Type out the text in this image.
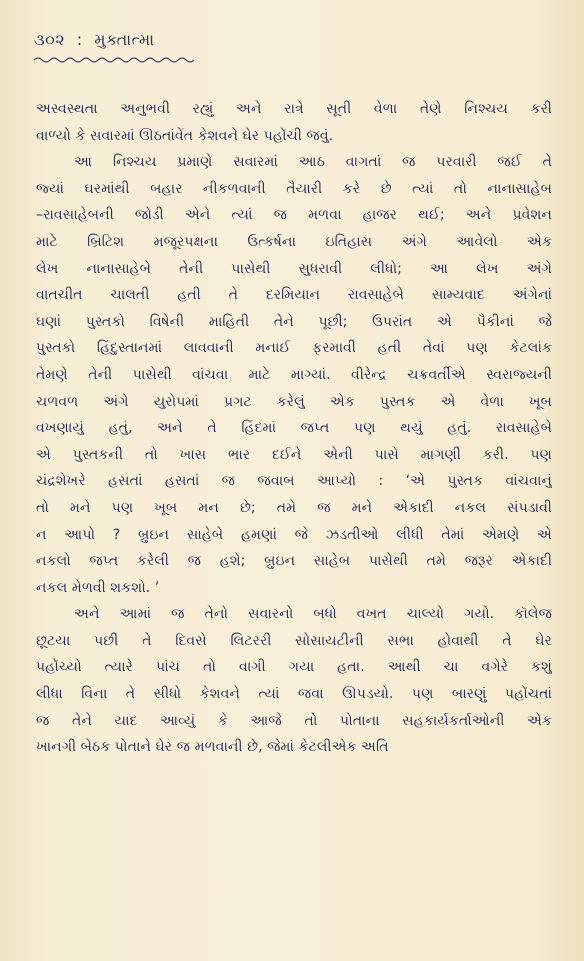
૩૦૨ : મુક્તાત્મા
અસ્વસ્થતા અનુભવી રહ્યું અને રાત્રે સૂતી વેળા તેણે નિશ્ચય કરી
વાળ્યો કે સવારમાં ઊઠતાંવેંત કેશવને ઘેર પહોંચી જવું.
આ નિશ્ચય પ્રમાણે સવારમાં આઠ વાગતાં જ પરવારી જઈ તે
જ્યાં ઘરમાંથી બહાર નીકળવાની તૈયારી કરે છે ત્યાં તો નાનાસાહેબ
–રાવસાહેબની જોડી એને ત્યાં જ મળવા હાજર થઈ; અને પ્રવેશન
માટે બ્રિટિશ મજૂરપક્ષના ઉત્કર્ષના ઇતિહાસ અંગે આવેલો એક
લેખ નાનાસાહેબે તેની પાસેથી સુધરાવી લીધો; આ લેખ અંગે
વાતચીત ચાલતી હતી તે દરમિયાન રાવસાહેબે સામ્યવાદ અંગેનાં
ઘણાં પુસ્તકો વિષેની માહિતી તેને પૂછી; ઉપરાંત એ પૈકીનાં જે
પુસ્તકો હિંદુસ્તાનમાં લાવવાની મનાઈ ફરમાવી હતી તેવાં પણ કેટલાંક
તેમણે તેની પાસેથી વાંચવા માટે માગ્યાં. વીરેન્દ્ર ચક્રવર્તીએ સ્વરાજ્યની
ચળવળ અંગે યુરોપમાં પ્રગટ કરેલું એક પુસ્તક એ વેળા ખૂબ
વખણાયું હતું, અને તે હિંદમાં જપ્ત પણ થયું હતું. રાવસાહેબે
એ પુસ્તકની તો ખાસ ભાર દઈને એની પાસે માગણી કરી. પણ
ચંદ્રશેખરે હસતાં હસતાં જ જવાબ આપ્યો : ‘એ પુસ્તક વાંચવાનું
તો મને પણ ખૂબ મન છે; તમે જ મને એકાદી નકલ સંપડાવી
ન આપો ? બ્રુઇન સાહેબે હમણાં જે ઝડતીઓ લીધી તેમાં એમણે એ
નકલો જપ્ત કરેલી જ હશે; બ્રુઇન સાહેબ પાસેથી તમે જરૂર એકાદી
નકલ મેળવી શકશો. ’
અને આમાં જ તેનો સવારનો બધો વખત ચાલ્યો ગયો. કૉલેજ
છૂટયા પછી તે દિવસે લિટરરી સોસાયટીની સભા હોવાથી તે ઘેર
પહોંચ્યો ત્યારે પાંચ તો વાગી ગયા હતા. આથી ચા વગેરે કશું
લીધા વિના તે સીધો કેશવને ત્યાં જવા ઊપડયો. પણ બારણું પહોંચતાં
જ તેને યાદ આવ્યું કે આજે તો પોતાના સહકાર્યકર્તાઓની એક
ખાનગી બેઠક પોતાને ઘેર જ મળવાની છે, જેમાં કેટલીએક અતિ
